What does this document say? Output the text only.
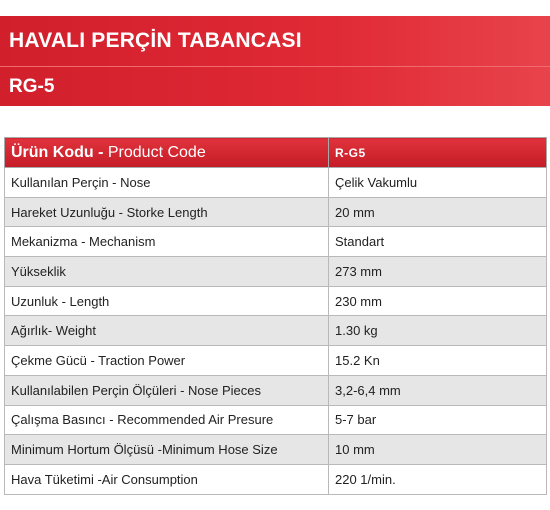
HAVALI PERÇİN TABANCASI
RG-5
Ürün Kodu - Product Code	R-G5
Kullanılan Perçin - Nose	Çelik Vakumlu
Hareket Uzunluğu - Storke Length	20 mm
Mekanizma - Mechanism	Standart
Yükseklik	273 mm
Uzunluk - Length	230 mm
Ağırlık- Weight	1.30 kg
Çekme Gücü - Traction Power	15.2 Kn
Kullanılabilen Perçin Ölçüleri - Nose Pieces	3,2-6,4 mm
Çalışma Basıncı - Recommended Air Presure	5-7 bar
Minimum Hortum Ölçüsü -Minimum Hose Size	10 mm
Hava Tüketimi -Air Consumption	220 1/min.
